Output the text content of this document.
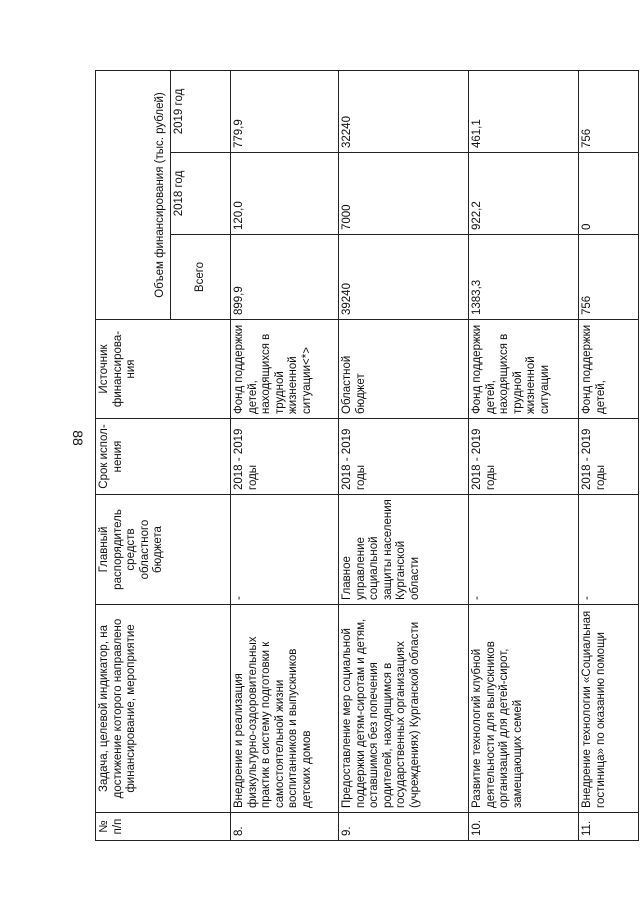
88
№ п/п	Задача, целевой индикатор, на достижение которого направлено финансирование, мероприятие	Главный распорядитель средств областного бюджета	Срок испол-нения	Источник финансирова-ния	Объем финансирования (тыс. рублей)		
					Всего	2018 год	2019 год
8.	Внедрение и реализация физкультурно-оздоровительных практик в систему подготовки к самостоятельной жизни воспитанников и выпускников детских домов	-	2018 - 2019 годы	Фонд поддержки детей, находящихся в трудной жизненной ситуации<*>	899,9	120,0	779,9
9.	Предоставление мер социальной поддержки детям-сиротам и детям, оставшимся без попечения родителей, находящимся в государственных организациях (учреждениях) Курганской области	Главное управление социальной защиты населения Курганской области	2018 - 2019 годы	Областной бюджет	39240	7000	32240
10.	Развитие технологий клубной деятельности для выпускников организаций для детей-сирот, замещающих семей	-	2018 - 2019 годы	Фонд поддержки детей, находящихся в трудной жизненной ситуации	1383,3	922,2	461,1
11.	Внедрение технологии «Социальная гостиница» по оказанию помощи	-	2018 - 2019 годы	Фонд поддержки детей,	756	0	756
